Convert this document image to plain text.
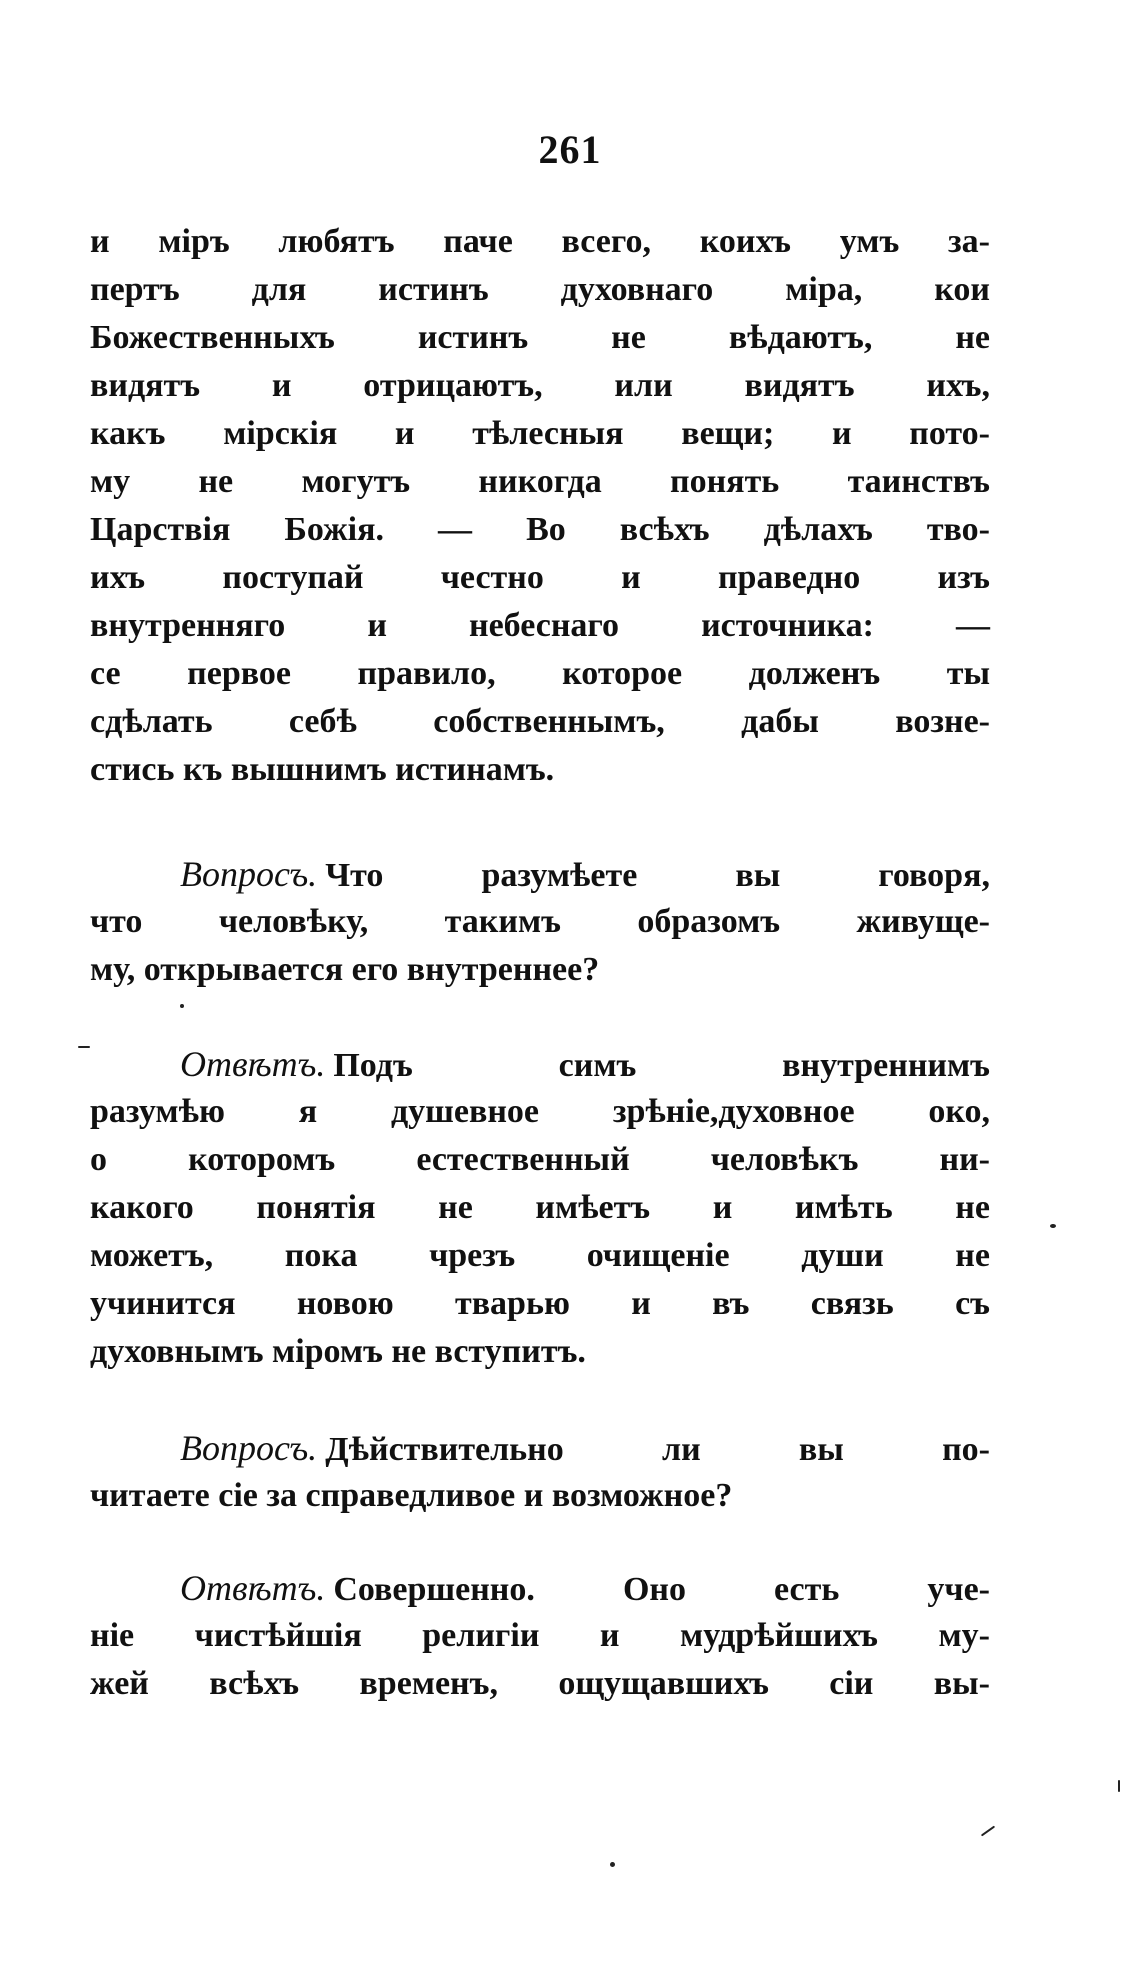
261
и міръ любятъ паче всего, коихъ умъ за-
пертъ для истинъ духовнаго міра, кои
Божественныхъ истинъ не вѣдаютъ, не
видятъ и отрицаютъ, или видятъ ихъ,
какъ мірскія и тѣлесныя вещи; и пото-
му не могутъ никогда понять таинствъ
Царствія Божія. — Во всѣхъ дѣлахъ тво-
ихъ поступай честно и праведно изъ
внутренняго и небеснаго источника: —
се первое правило, которое долженъ ты
сдѣлать себѣ собственнымъ, дабы возне-
стись къ вышнимъ истинамъ.
Вопросъ. Что разумѣете вы говоря,
что человѣку, такимъ образомъ живуще-
му, открывается его внутреннее?
Отвѣтъ. Подъ симъ внутреннимъ
разумѣю я душевное зрѣніе,духовное око,
о которомъ естественный человѣкъ ни-
какого понятія не имѣетъ и имѣть не
можетъ, пока чрезъ очищеніе души не
учинится новою тварью и въ связь съ
духовнымъ міромъ не вступитъ.
Вопросъ. Дѣйствительно ли вы по-
читаете сіе за справедливое и возможное?
Отвѣтъ. Совершенно. Оно есть уче-
ніе чистѣйшія религіи и мудрѣйшихъ му-
жей всѣхъ временъ, ощущавшихъ сіи вы-
